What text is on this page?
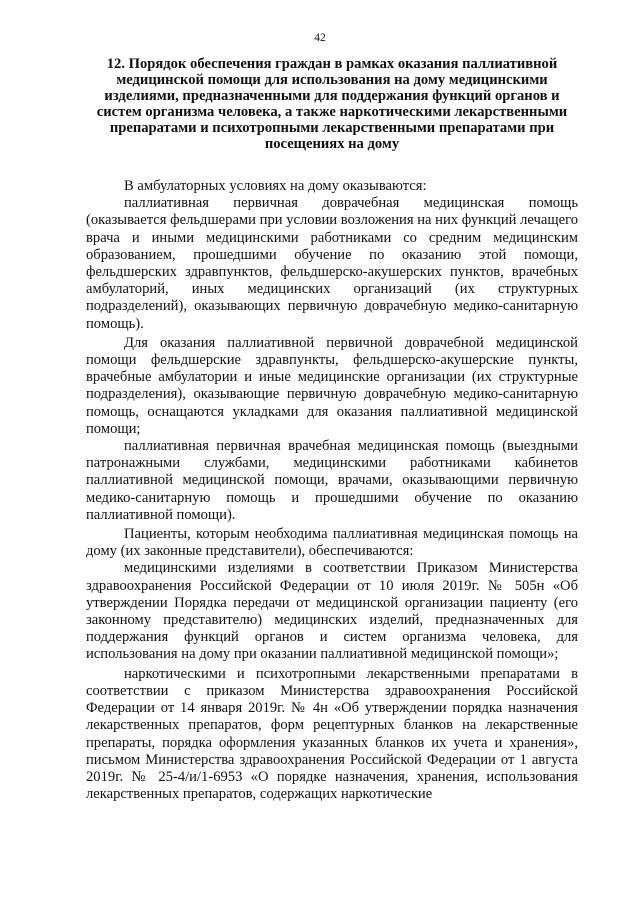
42
12. Порядок обеспечения граждан в рамках оказания паллиативной медицинской помощи для использования на дому медицинскими изделиями, предназначенными для поддержания функций органов и систем организма человека, а также наркотическими лекарственными препаратами и психотропными лекарственными препаратами при посещениях на дому

В амбулаторных условиях на дому оказываются:

паллиативная первичная доврачебная медицинская помощь (оказывается фельдшерами при условии возложения на них функций лечащего врача и иными медицинскими работниками со средним медицинским образованием, прошедшими обучение по оказанию этой помощи, фельдшерских здравпунктов, фельдшерско-акушерских пунктов, врачебных амбулаторий, иных медицинских организаций (их структурных подразделений), оказывающих первичную доврачебную медико-санитарную помощь).

Для оказания паллиативной первичной доврачебной медицинской помощи фельдшерские здравпункты, фельдшерско-акушерские пункты, врачебные амбулатории и иные медицинские организации (их структурные подразделения), оказывающие первичную доврачебную медико-санитарную помощь, оснащаются укладками для оказания паллиативной медицинской помощи;

паллиативная первичная врачебная медицинская помощь (выездными патронажными службами, медицинскими работниками кабинетов паллиативной медицинской помощи, врачами, оказывающими первичную медико-санитарную помощь и прошедшими обучение по оказанию паллиативной помощи).

Пациенты, которым необходима паллиативная медицинская помощь на дому (их законные представители), обеспечиваются:

медицинскими изделиями в соответствии Приказом Министерства здравоохранения Российской Федерации от 10 июля 2019г. № 505н «Об утверждении Порядка передачи от медицинской организации пациенту (его законному представителю) медицинских изделий, предназначенных для поддержания функций органов и систем организма человека, для использования на дому при оказании паллиативной медицинской помощи»;

наркотическими и психотропными лекарственными препаратами в соответствии с приказом Министерства здравоохранения Российской Федерации от 14 января 2019г. № 4н «Об утверждении порядка назначения лекарственных препаратов, форм рецептурных бланков на лекарственные препараты, порядка оформления указанных бланков их учета и хранения», письмом Министерства здравоохранения Российской Федерации от 1 августа 2019г. № 25-4/и/1-6953 «О порядке назначения, хранения, использования лекарственных препаратов, содержащих наркотические
